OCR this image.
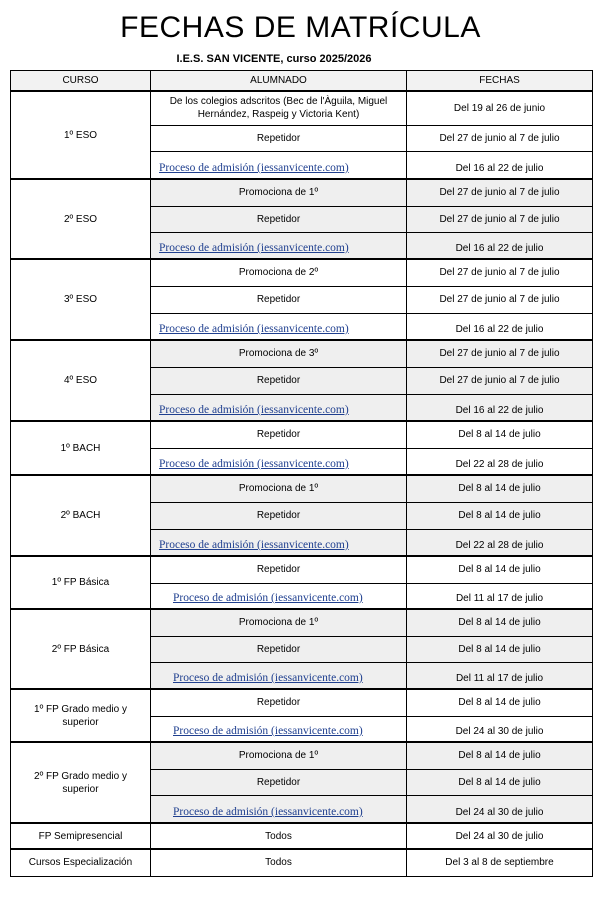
FECHAS DE MATRÍCULA
I.E.S. SAN VICENTE, curso 2025/2026
CURSO	ALUMNADO	FECHAS
1º ESO	De los colegios adscritos (Bec de l'Àguila, Miguel Hernández, Raspeig y Victoria Kent)	Del 19 al 26 de junio
	Repetidor	Del 27 de junio al 7 de julio
	Proceso de admisión (iessanvicente.com)	Del 16 al 22 de julio
2º ESO	Promociona de 1º	Del 27 de junio al 7 de julio
	Repetidor	Del 27 de junio al 7 de julio
	Proceso de admisión (iessanvicente.com)	Del 16 al 22 de julio
3º ESO	Promociona de 2º	Del 27 de junio al 7 de julio
	Repetidor	Del 27 de junio al 7 de julio
	Proceso de admisión (iessanvicente.com)	Del 16 al 22 de julio
4º ESO	Promociona de 3º	Del 27 de junio al 7 de julio
	Repetidor	Del 27 de junio al 7 de julio
	Proceso de admisión (iessanvicente.com)	Del 16 al 22 de julio
1º BACH	Repetidor	Del 8 al 14 de julio
	Proceso de admisión (iessanvicente.com)	Del 22 al 28 de julio
2º BACH	Promociona de 1º	Del 8 al 14 de julio
	Repetidor	Del 8 al 14 de julio
	Proceso de admisión (iessanvicente.com)	Del 22 al 28 de julio
1º FP Básica	Repetidor	Del 8 al 14 de julio
	Proceso de admisión (iessanvicente.com)	Del 11 al 17 de julio
2º FP Básica	Promociona de 1º	Del 8 al 14 de julio
	Repetidor	Del 8 al 14 de julio
	Proceso de admisión (iessanvicente.com)	Del 11 al 17 de julio
1º FP Grado medio y superior	Repetidor	Del 8 al 14 de julio
	Proceso de admisión (iessanvicente.com)	Del 24 al 30 de julio
2º FP Grado medio y superior	Promociona de 1º	Del 8 al 14 de julio
	Repetidor	Del 8 al 14 de julio
	Proceso de admisión (iessanvicente.com)	Del 24 al 30 de julio
FP Semipresencial	Todos	Del 24 al 30 de julio
Cursos Especialización	Todos	Del 3 al 8 de septiembre
